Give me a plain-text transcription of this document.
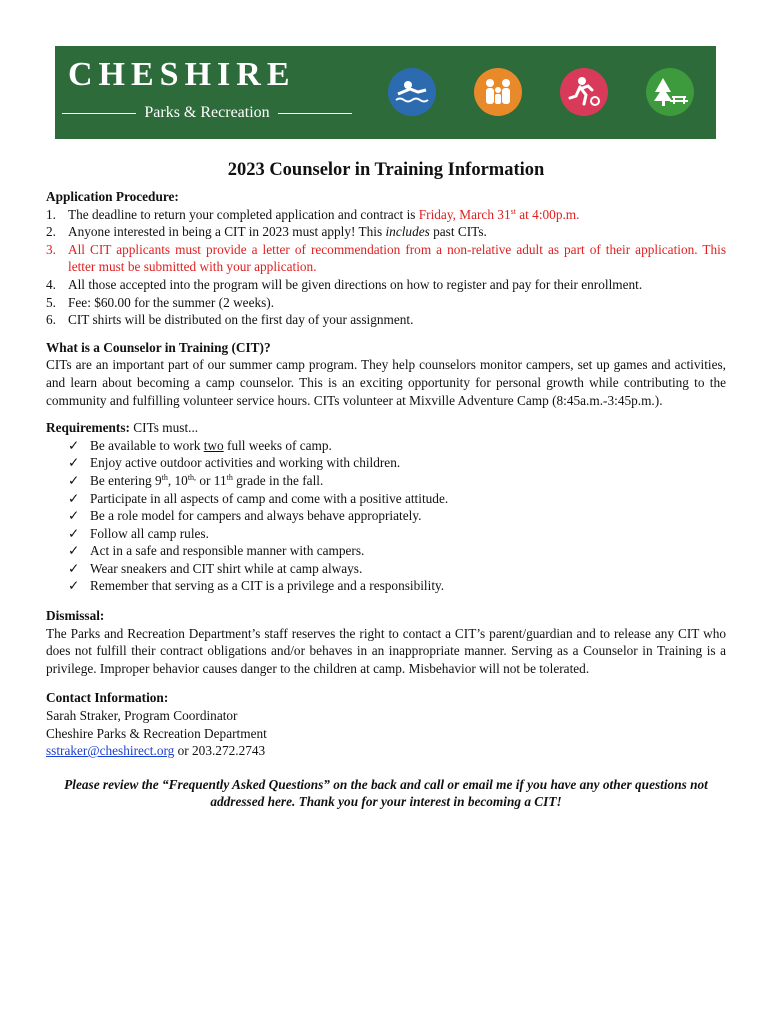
CHESHIRE
Parks & Recreation
2023 Counselor in Training Information
Application Procedure:
1. The deadline to return your completed application and contract is Friday, March 31st at 4:00p.m.
2. Anyone interested in being a CIT in 2023 must apply! This includes past CITs.
3. All CIT applicants must provide a letter of recommendation from a non-relative adult as part of their application. This letter must be submitted with your application.
4. All those accepted into the program will be given directions on how to register and pay for their enrollment.
5. Fee: $60.00 for the summer (2 weeks).
6. CIT shirts will be distributed on the first day of your assignment.
What is a Counselor in Training (CIT)?

CITs are an important part of our summer camp program. They help counselors monitor campers, set up games and activities, and learn about becoming a camp counselor. This is an exciting opportunity for personal growth while contributing to the community and fulfilling volunteer service hours. CITs volunteer at Mixville Adventure Camp (8:45a.m.-3:45p.m.).

Requirements: CITs must...
✓ Be available to work two full weeks of camp.
✓ Enjoy active outdoor activities and working with children.
✓ Be entering 9th, $10^{th,}$ or 11th grade in the fall.
✓ Participate in all aspects of camp and come with a positive attitude.
✓ Be a role model for campers and always behave appropriately.
✓ Follow all camp rules.
✓ Act in a safe and responsible manner with campers.
✓ Wear sneakers and CIT shirt while at camp always.
✓ Remember that serving as a CIT is a privilege and a responsibility.
Dismissal:

The Parks and Recreation Department’s staff reserves the right to contact a CIT’s parent/guardian and to release any CIT who does not fulfill their contract obligations and/or behaves in an inappropriate manner. Serving as a Counselor in Training is a privilege. Improper behavior causes danger to the children at camp. Misbehavior will not be tolerated.

Contact Information:
Sarah Straker, Program Coordinator
Cheshire Parks & Recreation Department
sstraker@cheshirect.org or 203.272.2743
Please review the “Frequently Asked Questions” on the back and call or email me if you have any other questions not addressed here. Thank you for your interest in becoming a CIT!
